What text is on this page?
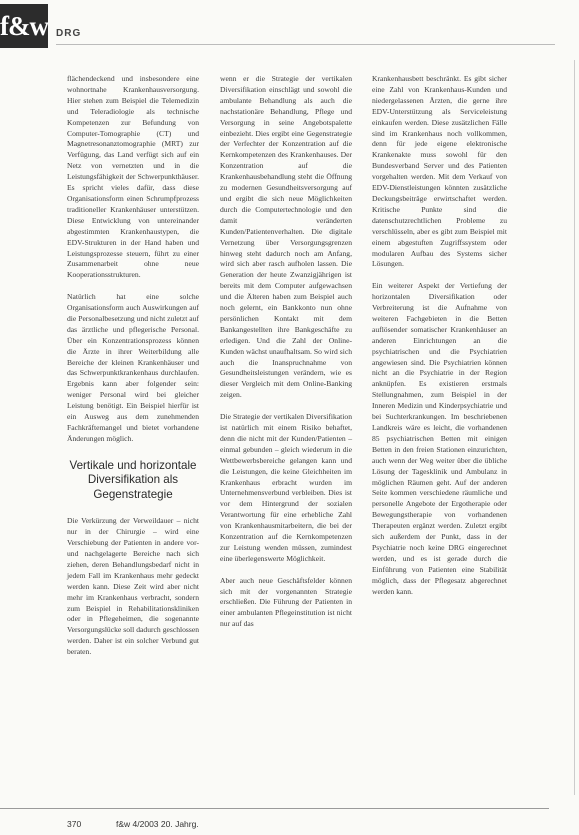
f&w DRG

flächendeckend und insbesondere eine wohnortnahe Krankenhausversorgung. Hier stehen zum Beispiel die Telemedizin und Teleradiologie als technische Kompetenzen zur Befundung von Computer-Tomographie (CT) und Magnetresonanztomographie (MRT) zur Verfügung, das Land verfügt sich auf ein Netz von vernetzten und in die Leistungsfähigkeit der Schwerpunkthäuser. Es spricht vieles dafür, dass diese Organisationsform einen Schrumpfprozess traditioneller Krankenhäuser unterstützen. Diese Entwicklung von untereinander abgestimmten Krankenhaustypen, die EDV-Strukturen in der Hand haben und Leistungsprozesse steuern, führt zu einer Zusammenarbeit ohne neue Kooperationsstrukturen.

Natürlich hat eine solche Organisationsform auch Auswirkungen auf die Personalbesetzung und nicht zuletzt auf das ärztliche und pflegerische Personal. Über ein Konzentrationsprozess können die Ärzte in ihrer Weiterbildung alle Bereiche der kleinen Krankenhäuser und das Schwerpunktkrankenhaus durchlaufen. Ergebnis kann aber folgender sein: weniger Personal wird bei gleicher Leistung benötigt. Ein Beispiel hierfür ist ein Ausweg aus dem zunehmenden Fachkräftemangel und bietet vorhandene Änderungen möglich.

Vertikale und horizontale Diversifikation als Gegenstrategie

Die Verkürzung der Verweildauer – nicht nur in der Chirurgie – wird eine Verschiebung der Patienten in andere vor- und nachgelagerte Bereiche nach sich ziehen, deren Behandlungsbedarf nicht in jedem Fall im Krankenhaus mehr gedeckt werden kann. Diese Zeit wird aber nicht mehr im Krankenhaus verbracht, sondern zum Beispiel in Rehabilitationskliniken oder in Pflegeheimen, die sogenannte Versorgungslücke soll dadurch geschlossen werden. Daher ist ein solcher Verbund gut beraten.

wenn er die Strategie der vertikalen Diversifikation einschlägt und sowohl die ambulante Behandlung als auch die nachstationäre Behandlung, Pflege und Versorgung in seine Angebotspalette einbezieht. Dies ergibt eine Gegenstrategie der Verfechter der Konzentration auf die Kernkompetenzen des Krankenhauses. Der Konzentration auf die Krankenhausbehandlung steht die Öffnung zu modernen Gesundheitsversorgung auf und ergibt die sich neue Möglichkeiten durch die Computertechnologie und den damit veränderten Kunden/Patientenverhalten. Die digitale Vernetzung über Versorgungsgrenzen hinweg steht dadurch noch am Anfang, wird sich aber rasch aufholen lassen. Die Generation der heute Zwanzigjährigen ist bereits mit dem Computer aufgewachsen und die Älteren haben zum Beispiel auch noch gelernt, ein Bankkonto nun ohne persönlichen Kontakt mit dem Bankangestellten ihre Bankgeschäfte zu erledigen. Und die Zahl der Online-Kunden wächst unaufhaltsam. So wird sich auch die Inanspruchnahme von Gesundheitsleistungen verändern, wie es dieser Vergleich mit dem Online-Banking zeigen.

Die Strategie der vertikalen Diversifikation ist natürlich mit einem Risiko behaftet, denn die nicht mit der Kunden/Patienten – einmal gebunden – gleich wiederum in die Wettbewerbsbereiche gelangen kann und die Leistungen, die keine Gleichheiten im Krankenhaus erbracht wurden im Unternehmensverbund verbleiben. Dies ist vor dem Hintergrund der sozialen Verantwortung für eine erhebliche Zahl von Krankenhausmitarbeitern, die bei der Konzentration auf die Kernkompetenzen zur Leistung wenden müssen, zumindest eine überlegenswerte Möglichkeit.

Aber auch neue Geschäftsfelder können sich mit der vorgenannten Strategie erschließen. Die Führung der Patienten in einer ambulanten Pflegeinstitution ist nicht nur auf das

Krankenhausbett beschränkt. Es gibt sicher eine Zahl von Krankenhaus-Kunden und niedergelassenen Ärzten, die gerne ihre EDV-Unterstützung als Serviceleistung einkaufen werden. Diese zusätzlichen Fälle sind im Krankenhaus noch vollkommen, denn für jede eigene elektronische Krankenakte muss sowohl für den Bundesverband Server und des Patienten vorgehalten werden. Mit dem Verkauf von EDV-Dienstleistungen könnten zusätzliche Deckungsbeiträge erwirtschaftet werden. Kritische Punkte sind die datenschutzrechtlichen Probleme zu verschlüsseln, aber es gibt zum Beispiel mit einem abgestuften Zugriffssystem oder modularen Aufbau des Systems sicher Lösungen.

Ein weiterer Aspekt der Vertiefung der horizontalen Diversifikation oder Verbreiterung ist die Aufnahme von weiteren Fachgebieten in die Betten auflösender somatischer Krankenhäuser an anderen Einrichtungen an die psychiatrischen und die Psychiatrien angewiesen sind. Die Psychiatrien können nicht an die Psychiatrie in der Region anknüpfen. Es existieren erstmals Stellungnahmen, zum Beispiel in der Inneren Medizin und Kinderpsychiatrie und bei Suchterkrankungen. Im beschriebenen Landkreis wäre es leicht, die vorhandenen 85 psychiatrischen Betten mit einigen Betten in den freien Stationen einzurichten, auch wenn der Weg weiter über die übliche Lösung der Tagesklinik und Ambulanz in möglichen Räumen geht. Auf der anderen Seite kommen verschiedene räumliche und personelle Angebote der Ergotherapie oder Bewegungstherapie von vorhandenen Therapeuten ergänzt werden. Zuletzt ergibt sich außerdem der Punkt, dass in der Psychiatrie noch keine DRG eingerechnet werden, und es ist gerade durch die Einführung von Patienten eine Stabilität möglich, dass der Pflegesatz abgerechnet werden kann.

370	f&w 4/2003 20. Jahrg.
